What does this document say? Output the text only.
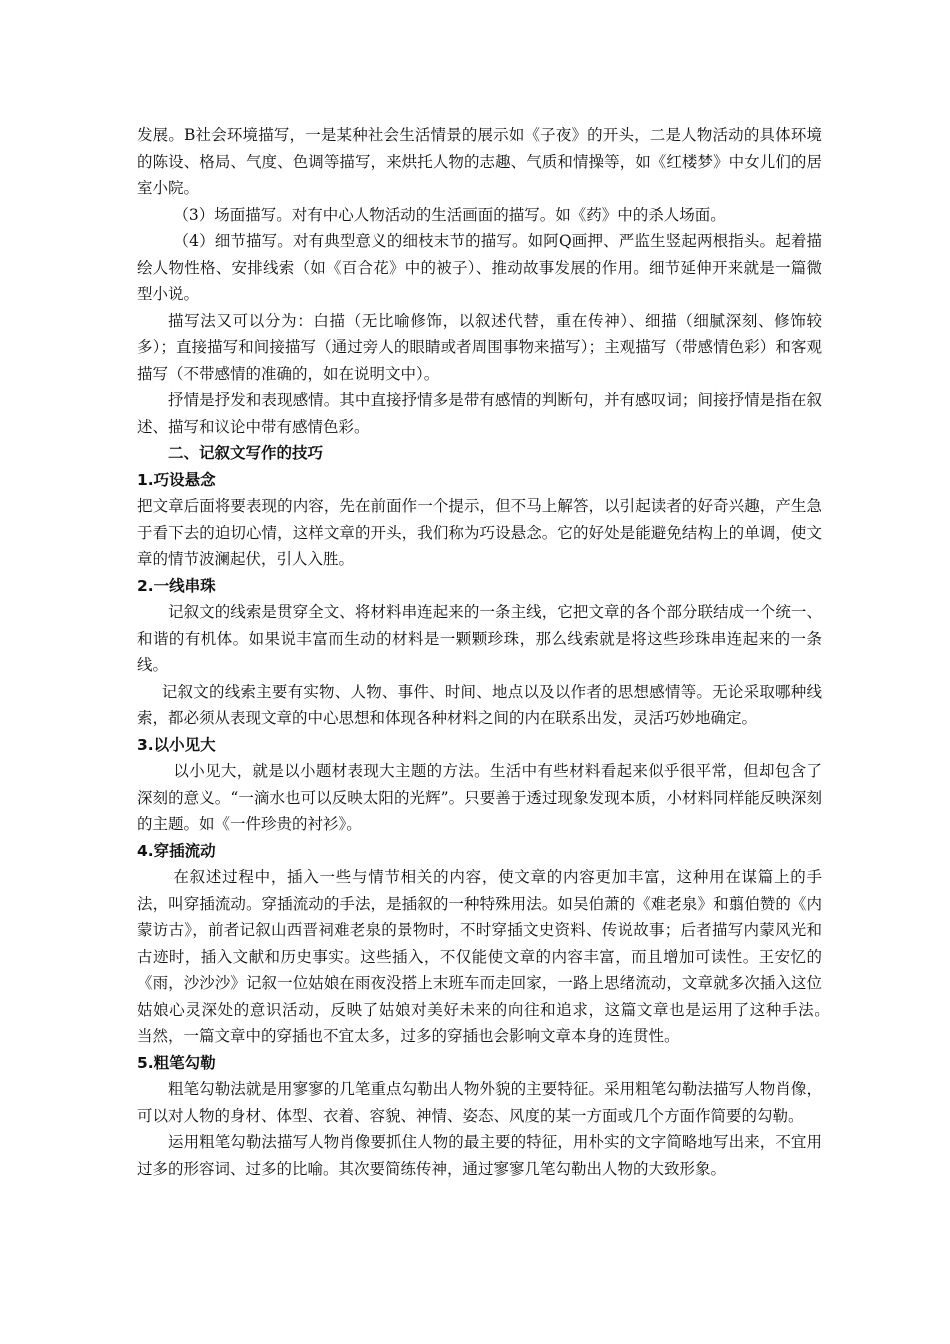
发展。B社会环境描写，一是某种社会生活情景的展示如《子夜》的开头，二是人物活动的具体环境的陈设、格局、气度、色调等描写，来烘托人物的志趣、气质和情操等，如《红楼梦》中女儿们的居室小院。

（3）场面描写。对有中心人物活动的生活画面的描写。如《药》中的杀人场面。

（4）细节描写。对有典型意义的细枝末节的描写。如阿Q画押、严监生竖起两根指头。起着描绘人物性格、安排线索（如《百合花》中的被子）、推动故事发展的作用。细节延伸开来就是一篇微型小说。

描写法又可以分为：白描（无比喻修饰，以叙述代替，重在传神）、细描（细腻深刻、修饰较多）；直接描写和间接描写（通过旁人的眼睛或者周围事物来描写）；主观描写（带感情色彩）和客观描写（不带感情的准确的，如在说明文中）。

抒情是抒发和表现感情。其中直接抒情多是带有感情的判断句，并有感叹词；间接抒情是指在叙述、描写和议论中带有感情色彩。

二、记叙文写作的技巧

1.巧设悬念

把文章后面将要表现的内容，先在前面作一个提示，但不马上解答，以引起读者的好奇兴趣，产生急于看下去的迫切心情，这样文章的开头，我们称为巧设悬念。它的好处是能避免结构上的单调，使文章的情节波澜起伏，引人入胜。

2.一线串珠

记叙文的线索是贯穿全文、将材料串连起来的一条主线，它把文章的各个部分联结成一个统一、和谐的有机体。如果说丰富而生动的材料是一颗颗珍珠，那么线索就是将这些珍珠串连起来的一条线。

记叙文的线索主要有实物、人物、事件、时间、地点以及以作者的思想感情等。无论采取哪种线索，都必须从表现文章的中心思想和体现各种材料之间的内在联系出发，灵活巧妙地确定。

3.以小见大

以小见大，就是以小题材表现大主题的方法。生活中有些材料看起来似乎很平常，但却包含了深刻的意义。“一滴水也可以反映太阳的光辉”。只要善于透过现象发现本质，小材料同样能反映深刻的主题。如《一件珍贵的衬衫》。

4.穿插流动

在叙述过程中，插入一些与情节相关的内容，使文章的内容更加丰富，这种用在谋篇上的手法，叫穿插流动。穿插流动的手法，是插叙的一种特殊用法。如吴伯萧的《难老泉》和翦伯赞的《内蒙访古》，前者记叙山西晋祠难老泉的景物时，不时穿插文史资料、传说故事；后者描写内蒙风光和古迹时，插入文献和历史事实。这些插入，不仅能使文章的内容丰富，而且增加可读性。王安忆的《雨，沙沙沙》记叙一位姑娘在雨夜没搭上末班车而走回家，一路上思绪流动，文章就多次插入这位姑娘心灵深处的意识活动，反映了姑娘对美好未来的向往和追求，这篇文章也是运用了这种手法。　　当然，一篇文章中的穿插也不宜太多，过多的穿插也会影响文章本身的连贯性。

5.粗笔勾勒

粗笔勾勒法就是用寥寥的几笔重点勾勒出人物外貌的主要特征。采用粗笔勾勒法描写人物肖像，可以对人物的身材、体型、衣着、容貌、神情、姿态、风度的某一方面或几个方面作简要的勾勒。

运用粗笔勾勒法描写人物肖像要抓住人物的最主要的特征，用朴实的文字简略地写出来，不宜用过多的形容词、过多的比喻。其次要简练传神，通过寥寥几笔勾勒出人物的大致形象。
